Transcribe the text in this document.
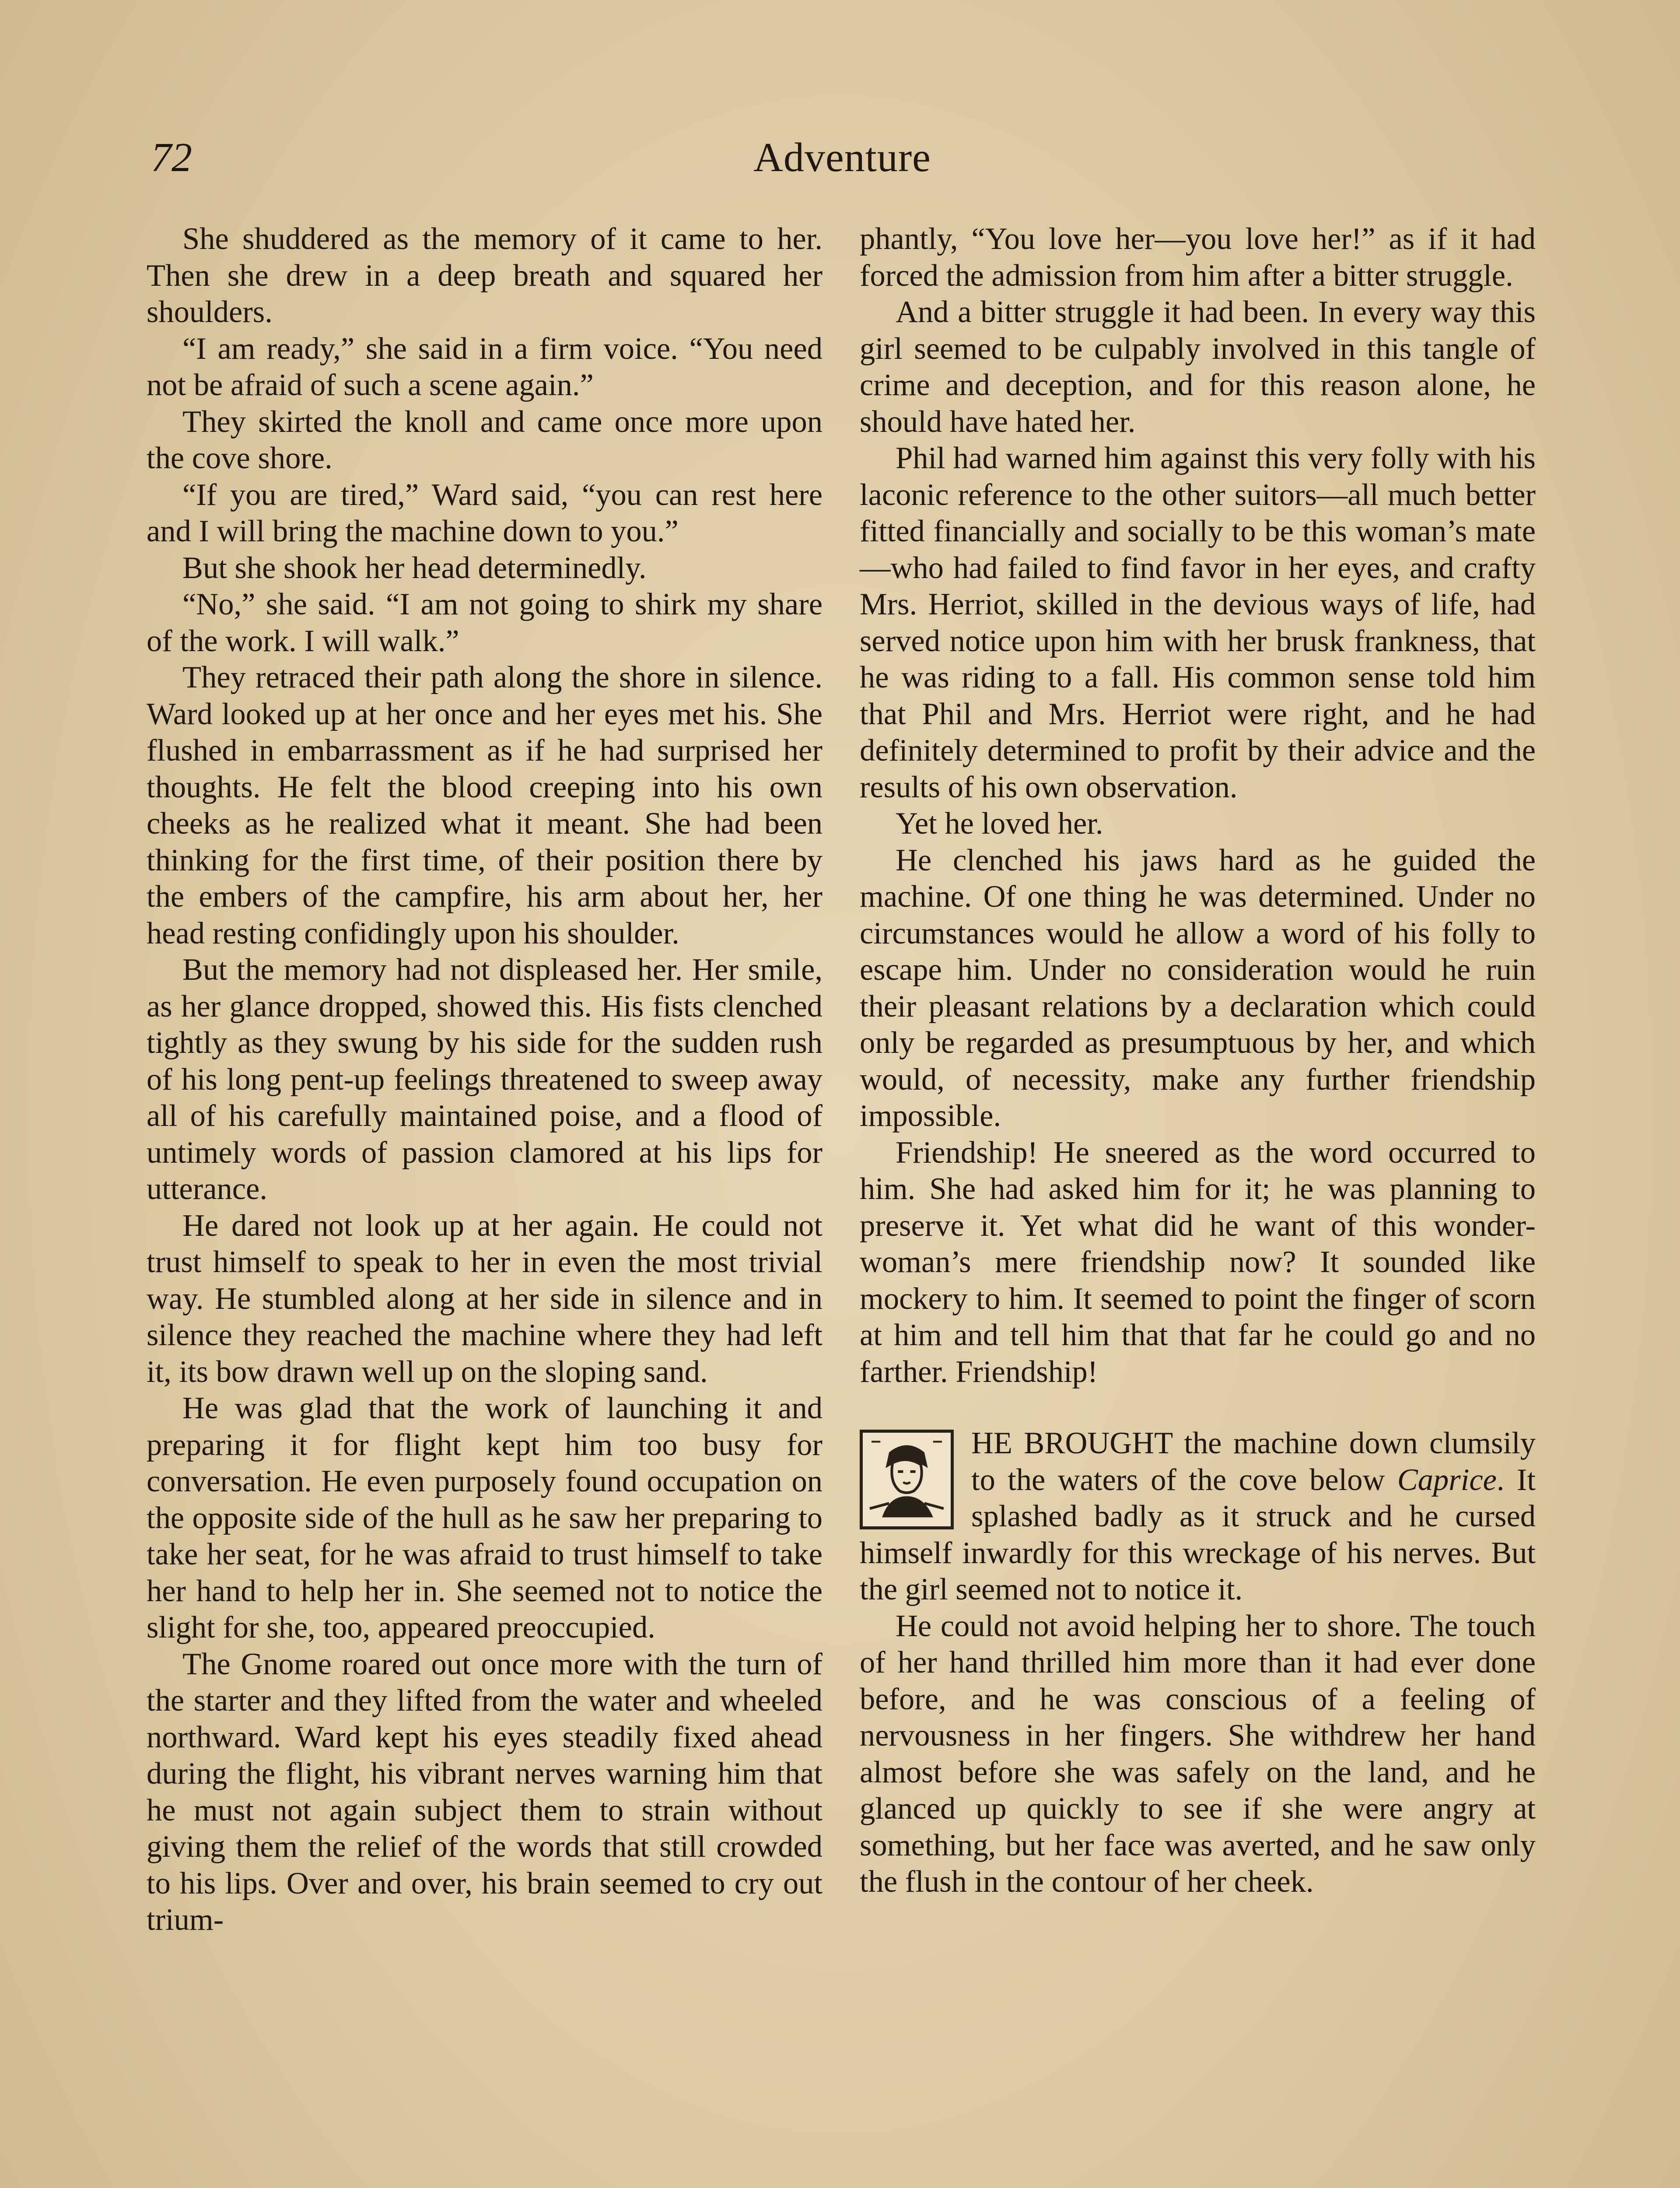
72	Adventure

She shuddered as the memory of it came to her. Then she drew in a deep breath and squared her shoulders.

“I am ready,” she said in a firm voice. “You need not be afraid of such a scene again.”

They skirted the knoll and came once more upon the cove shore.

“If you are tired,” Ward said, “you can rest here and I will bring the machine down to you.”

But she shook her head determinedly.

“No,” she said. “I am not going to shirk my share of the work. I will walk.”

They retraced their path along the shore in silence. Ward looked up at her once and her eyes met his. She flushed in embarrassment as if he had surprised her thoughts. He felt the blood creeping into his own cheeks as he realized what it meant. She had been thinking for the first time, of their position there by the embers of the campfire, his arm about her, her head resting confidingly upon his shoulder.

But the memory had not displeased her. Her smile, as her glance dropped, showed this. His fists clenched tightly as they swung by his side for the sudden rush of his long pent-up feelings threatened to sweep away all of his carefully maintained poise, and a flood of untimely words of passion clamored at his lips for utterance.

He dared not look up at her again. He could not trust himself to speak to her in even the most trivial way. He stumbled along at her side in silence and in silence they reached the machine where they had left it, its bow drawn well up on the sloping sand.

He was glad that the work of launching it and preparing it for flight kept him too busy for conversation. He even purposely found occupation on the opposite side of the hull as he saw her preparing to take her seat, for he was afraid to trust himself to take her hand to help her in. She seemed not to notice the slight for she, too, appeared preoccupied.

The Gnome roared out once more with the turn of the starter and they lifted from the water and wheeled northward. Ward kept his eyes steadily fixed ahead during the flight, his vibrant nerves warning him that he must not again subject them to strain without giving them the relief of the words that still crowded to his lips. Over and over, his brain seemed to cry out trium-

phantly, “You love her—you love her!” as if it had forced the admission from him after a bitter struggle.

And a bitter struggle it had been. In every way this girl seemed to be culpably involved in this tangle of crime and deception, and for this reason alone, he should have hated her.

Phil had warned him against this very folly with his laconic reference to the other suitors—all much better fitted financially and socially to be this woman’s mate—who had failed to find favor in her eyes, and crafty Mrs. Herriot, skilled in the devious ways of life, had served notice upon him with her brusk frankness, that he was riding to a fall. His common sense told him that Phil and Mrs. Herriot were right, and he had definitely determined to profit by their advice and the results of his own observation.

Yet he loved her.

He clenched his jaws hard as he guided the machine. Of one thing he was determined. Under no circumstances would he allow a word of his folly to escape him. Under no consideration would he ruin their pleasant relations by a declaration which could only be regarded as presumptuous by her, and which would, of necessity, make any further friendship impossible.

Friendship! He sneered as the word occurred to him. She had asked him for it; he was planning to preserve it. Yet what did he want of this wonder-woman’s mere friendship now? It sounded like mockery to him. It seemed to point the finger of scorn at him and tell him that that far he could go and no farther. Friendship!

HE BROUGHT the machine down clumsily to the waters of the cove below Caprice. It splashed badly as it struck and he cursed himself inwardly for this wreckage of his nerves. But the girl seemed not to notice it.

He could not avoid helping her to shore. The touch of her hand thrilled him more than it had ever done before, and he was conscious of a feeling of nervousness in her fingers. She withdrew her hand almost before she was safely on the land, and he glanced up quickly to see if she were angry at something, but her face was averted, and he saw only the flush in the contour of her cheek.
